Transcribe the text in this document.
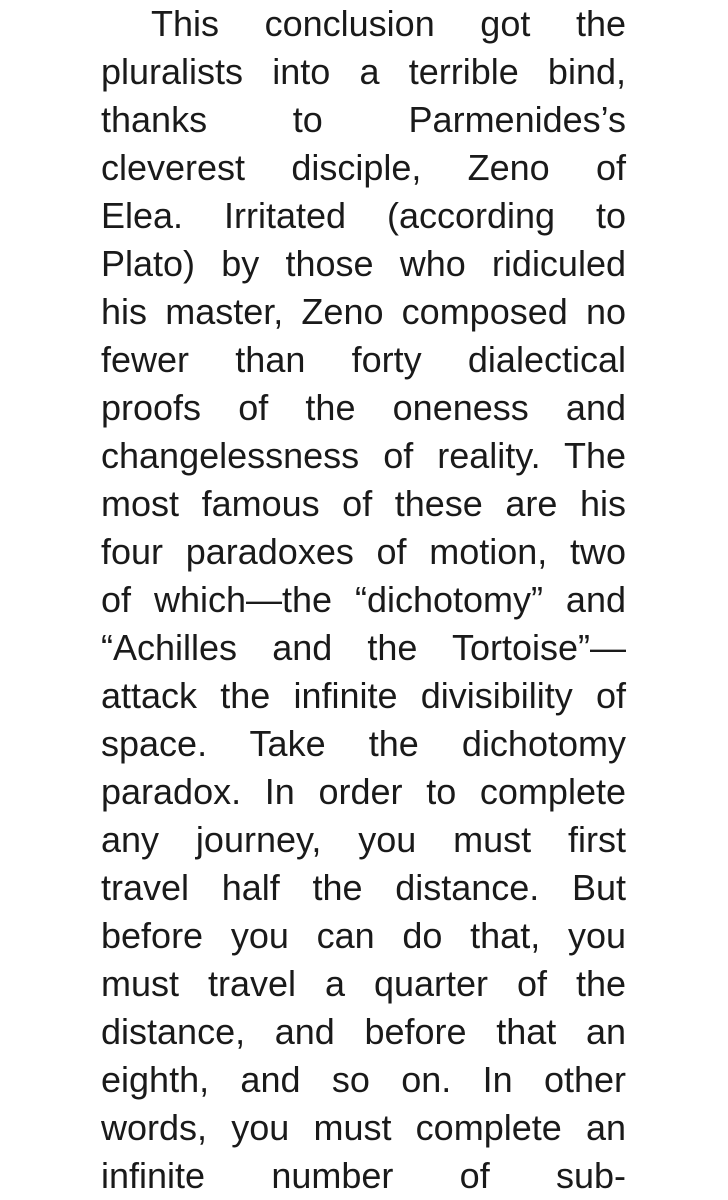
This conclusion got the
pluralists into a terrible bind,
thanks to Parmenides’s
cleverest disciple, Zeno of
Elea. Irritated (according to
Plato) by those who ridiculed
his master, Zeno composed no
fewer than forty dialectical
proofs of the oneness and
changelessness of reality. The
most famous of these are his
four paradoxes of motion, two
of which—the “dichotomy” and
“Achilles and the Tortoise”—
attack the infinite divisibility of
space. Take the dichotomy
paradox. In order to complete
any journey, you must first
travel half the distance. But
before you can do that, you
must travel a quarter of the
distance, and before that an
eighth, and so on. In other
words, you must complete an
infinite number of sub-
